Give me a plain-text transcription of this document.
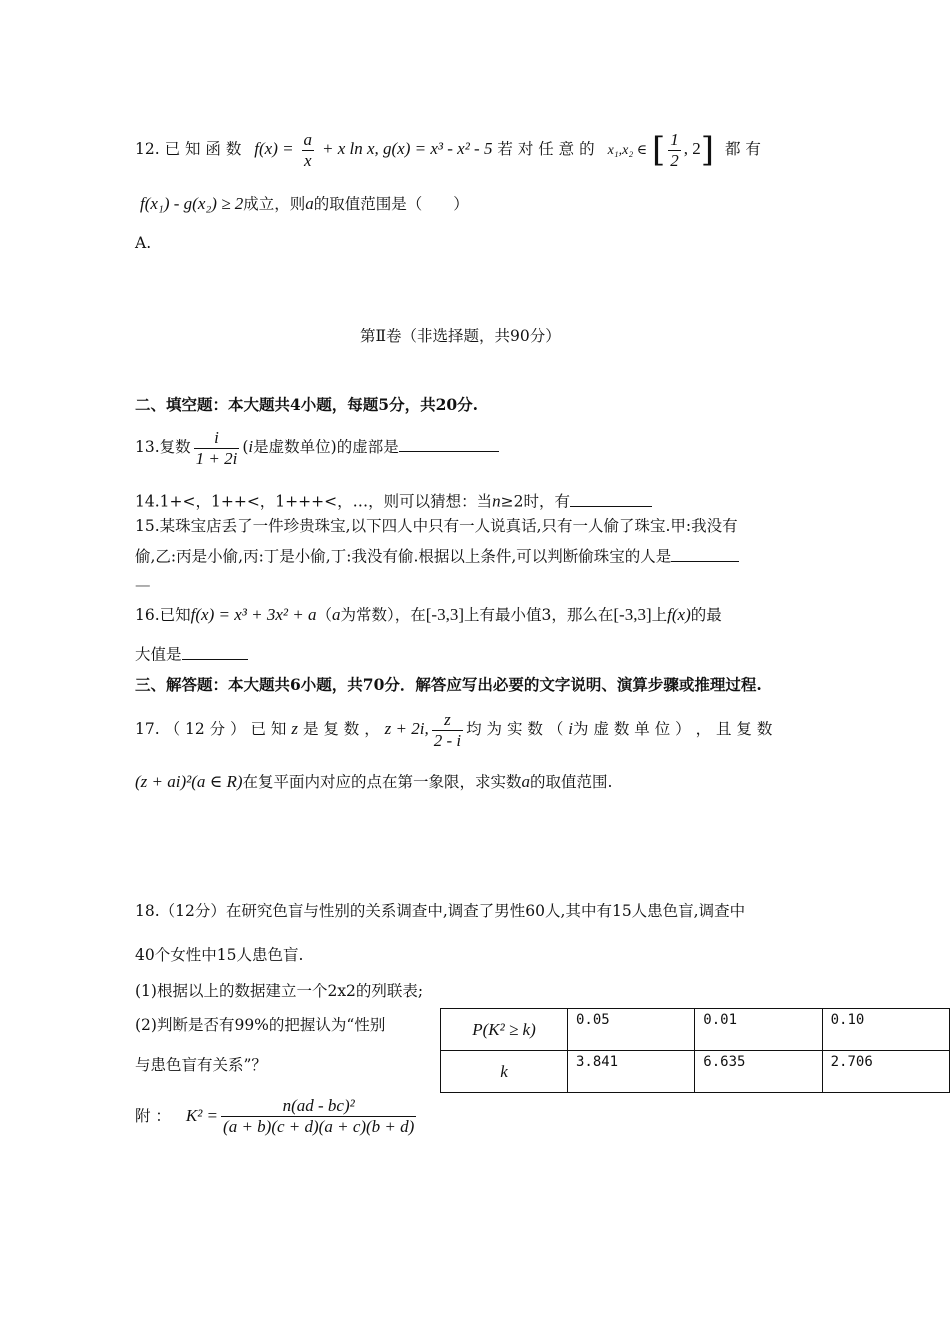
12. 已 知 函 数 $f(x) = \frac{a}{x} + x$ ln x, g(x) = x³ - x² - 5 若 对 任 意 的 x₁,x₂ ∈ [ $\frac{1}{2}$ , 2] 都 有
f(x₁) - g(x₂) ≥ 2成立，则a的取值范围是（　　）
A.
第Ⅱ卷（非选择题，共90分）
二、填空题：本大题共4小题，每题5分，共20分.
13.复数 $\frac{i}{1 + 2i} (i$是虚数单位)的虚部是
14.1+<，1++<，1+++<，…，则可以猜想：当n≥2时，有
15.某珠宝店丢了一件珍贵珠宝,以下四人中只有一人说真话,只有一人偷了珠宝.甲:我没有
偷,乙:丙是小偷,丙:丁是小偷,丁:我没有偷.根据以上条件,可以判断偷珠宝的人是
—
16.已知f(x) = x³ + 3x² + a（a为常数），在[-3,3]上有最小值3，那么在[-3,3]上f(x)的最
大值是
三、解答题：本大题共6小题，共70分．解答应写出必要的文字说明、演算步骤或推理过程.
17. （ 12 分 ） 已 知 z 是 复 数 ， z + 2i, $\frac{z}{2 - i}$ 均 为 实 数 （ i为 虚 数 单 位 ） ， 且 复 数
(z + ai)²(a ∈ R)在复平面内对应的点在第一象限，求实数a的取值范围.
18.（12分）在研究色盲与性别的关系调查中,调查了男性60人,其中有15人患色盲,调查中
40个女性中15人患色盲.
(1)根据以上的数据建立一个2x2的列联表;
(2)判断是否有99%的把握认为“性别
与患色盲有关系”？
P(K² ≥ k)	0.05	0.01	0.10
k	3.841	6.635	2.706
附 ： $K^2 = \frac{\text{n(ad - bc)²}}{(a + b)(c + d)(a + c)(b + d)}$
